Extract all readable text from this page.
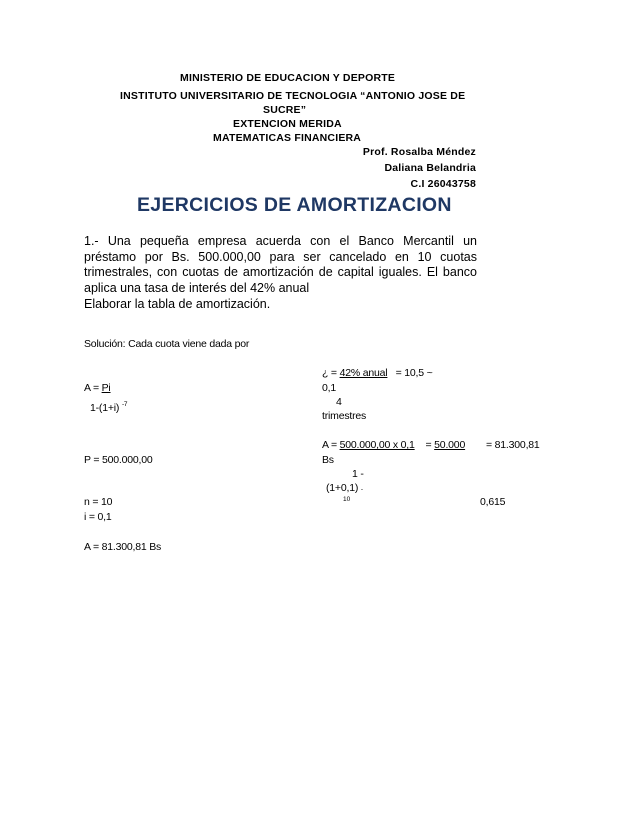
MINISTERIO DE EDUCACION Y DEPORTE
INSTITUTO UNIVERSITARIO DE TECNOLOGIA “ANTONIO JOSE DE
SUCRE”
EXTENCION MERIDA
MATEMATICAS FINANCIERA
Prof. Rosalba Méndez
Daliana Belandria
C.I 26043758
EJERCICIOS DE AMORTIZACION
1.- Una pequeña empresa acuerda con el Banco Mercantil un
préstamo por Bs. 500.000,00 para ser cancelado en 10 cuotas
trimestrales, con cuotas de amortización de capital iguales. El banco
aplica una tasa de interés del 42% anual
Elaborar la tabla de amortización.
Solución: Cada cuota viene dada por
A = Pi
1-(1+i) $^{-7}$
¿ = 42% anual = 10,5 ~
0,1
4
trimestres
A = 500.000,00 x 0,1 = 50.000 = 81.300,81
Bs
P = 500.000,00
1 -
(1+0,1) -
10	0,615
n = 10
i = 0,1
A = 81.300,81 Bs
